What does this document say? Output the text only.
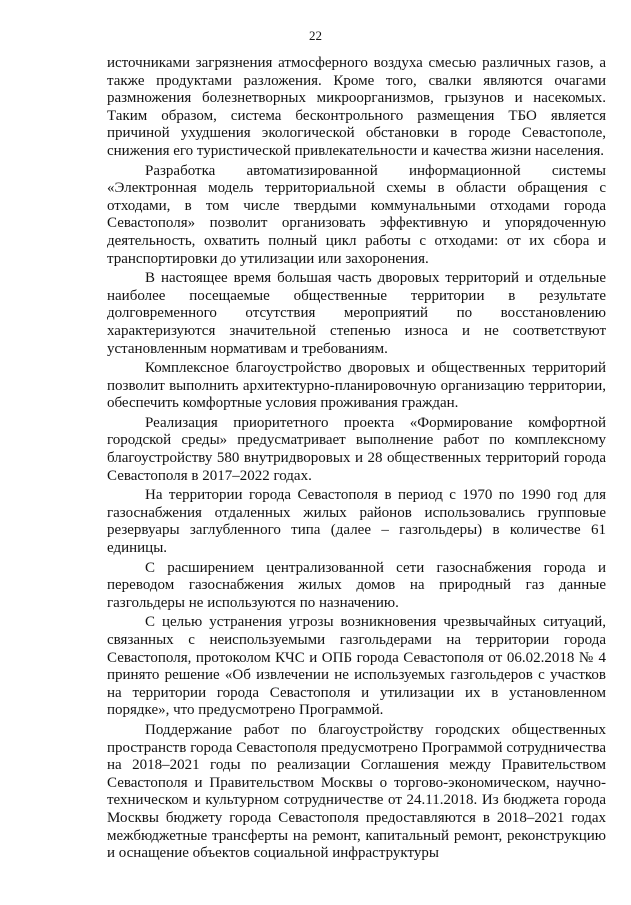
22

источниками загрязнения атмосферного воздуха смесью различных газов, а также продуктами разложения. Кроме того, свалки являются очагами размножения болезнетворных микроорганизмов, грызунов и насекомых. Таким образом, система бесконтрольного размещения ТБО является причиной ухудшения экологической обстановки в городе Севастополе, снижения его туристической привлекательности и качества жизни населения.

Разработка автоматизированной информационной системы «Электронная модель территориальной схемы в области обращения с отходами, в том числе твердыми коммунальными отходами города Севастополя» позволит организовать эффективную и упорядоченную деятельность, охватить полный цикл работы с отходами: от их сбора и транспортировки до утилизации или захоронения.

В настоящее время большая часть дворовых территорий и отдельные наиболее посещаемые общественные территории в результате долговременного отсутствия мероприятий по восстановлению характеризуются значительной степенью износа и не соответствуют установленным нормативам и требованиям.

Комплексное благоустройство дворовых и общественных территорий позволит выполнить архитектурно-планировочную организацию территории, обеспечить комфортные условия проживания граждан.

Реализация приоритетного проекта «Формирование комфортной городской среды» предусматривает выполнение работ по комплексному благоустройству 580 внутридворовых и 28 общественных территорий города Севастополя в 2017–2022 годах.

На территории города Севастополя в период с 1970 по 1990 год для газоснабжения отдаленных жилых районов использовались групповые резервуары заглубленного типа (далее – газгольдеры) в количестве 61 единицы.

С расширением централизованной сети газоснабжения города и переводом газоснабжения жилых домов на природный газ данные газгольдеры не используются по назначению.

С целью устранения угрозы возникновения чрезвычайных ситуаций, связанных с неиспользуемыми газгольдерами на территории города Севастополя, протоколом КЧС и ОПБ города Севастополя от 06.02.2018 № 4 принято решение «Об извлечении не используемых газгольдеров с участков на территории города Севастополя и утилизации их в установленном порядке», что предусмотрено Программой.

Поддержание работ по благоустройству городских общественных пространств города Севастополя предусмотрено Программой сотрудничества на 2018–2021 годы по реализации Соглашения между Правительством Севастополя и Правительством Москвы о торгово-экономическом, научно-техническом и культурном сотрудничестве от 24.11.2018. Из бюджета города Москвы бюджету города Севастополя предоставляются в 2018–2021 годах межбюджетные трансферты на ремонт, капитальный ремонт, реконструкцию и оснащение объектов социальной инфраструктуры
